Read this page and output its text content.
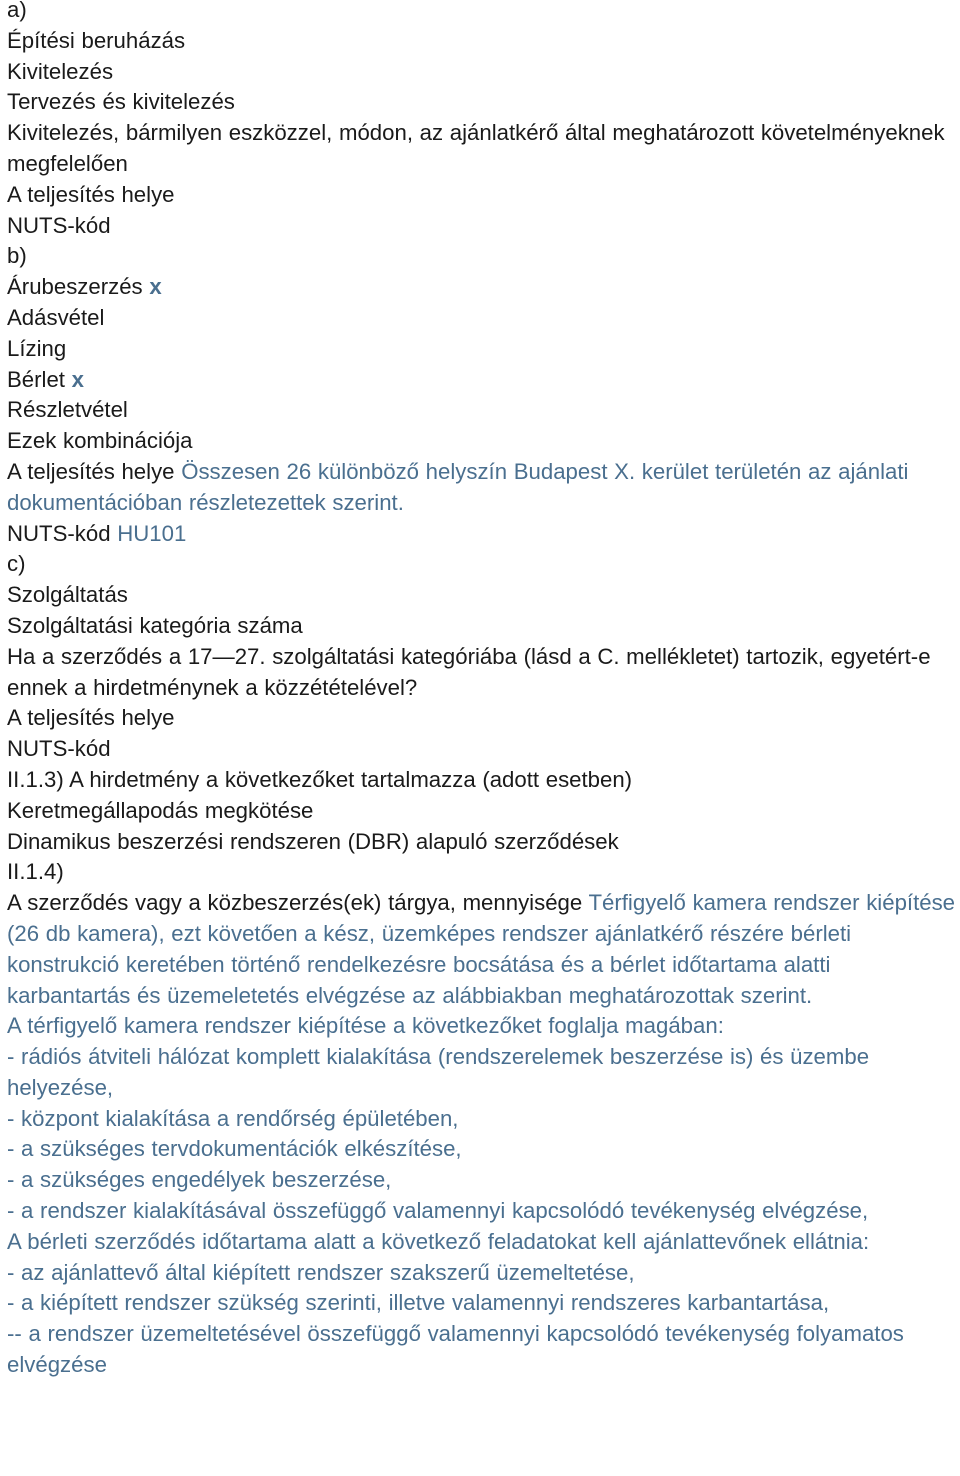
a)
Építési beruházás
Kivitelezés
Tervezés és kivitelezés
Kivitelezés, bármilyen eszközzel, módon, az ajánlatkérő által meghatározott követelményeknek megfelelően
A teljesítés helye
NUTS-kód
b)
Árubeszerzés x
Adásvétel
Lízing
Bérlet x
Részletvétel
Ezek kombinációja
A teljesítés helye Összesen 26 különböző helyszín Budapest X. kerület területén az ajánlati dokumentációban részletezettek szerint.
NUTS-kód HU101
c)
Szolgáltatás
Szolgáltatási kategória száma
Ha a szerződés a 17—27. szolgáltatási kategóriába (lásd a C. mellékletet) tartozik, egyetért-e ennek a hirdetménynek a közzétételével?
A teljesítés helye
NUTS-kód
II.1.3) A hirdetmény a következőket tartalmazza (adott esetben)
Keretmegállapodás megkötése
Dinamikus beszerzési rendszeren (DBR) alapuló szerződések
II.1.4)
A szerződés vagy a közbeszerzés(ek) tárgya, mennyisége Térfigyelő kamera rendszer kiépítése (26 db kamera), ezt követően a kész, üzemképes rendszer ajánlatkérő részére bérleti konstrukció keretében történő rendelkezésre bocsátása és a bérlet időtartama alatti karbantartás és üzemeletetés elvégzése az alábbiakban meghatározottak szerint.
A térfigyelő kamera rendszer kiépítése a következőket foglalja magában:
- rádiós átviteli hálózat komplett kialakítása (rendszerelemek beszerzése is) és üzembe helyezése,
- központ kialakítása a rendőrség épületében,
- a szükséges tervdokumentációk elkészítése,
- a szükséges engedélyek beszerzése,
- a rendszer kialakításával összefüggő valamennyi kapcsolódó tevékenység elvégzése,
A bérleti szerződés időtartama alatt a következő feladatokat kell ajánlattevőnek ellátnia:
- az ajánlattevő által kiépített rendszer szakszerű üzemeltetése,
- a kiépített rendszer szükség szerinti, illetve valamennyi rendszeres karbantartása,
-- a rendszer üzemeltetésével összefüggő valamennyi kapcsolódó tevékenység folyamatos elvégzése
